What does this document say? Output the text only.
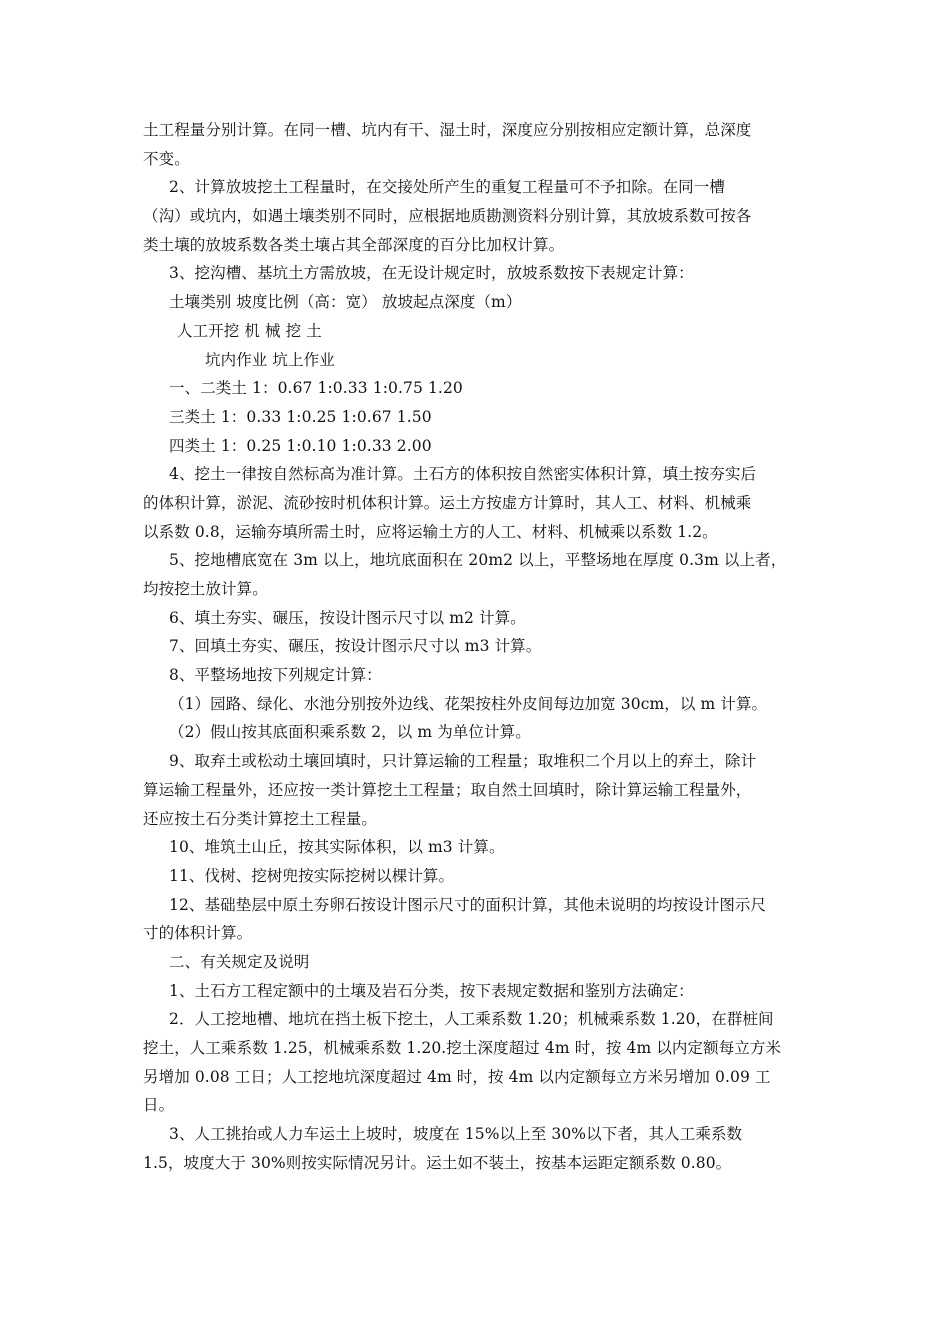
土工程量分别计算。在同一槽、坑内有干、湿土时，深度应分别按相应定额计算，总深度
不变。
2、计算放坡挖土工程量时，在交接处所产生的重复工程量可不予扣除。在同一槽
（沟）或坑内，如遇土壤类别不同时，应根据地质勘测资料分别计算，其放坡系数可按各
类土壤的放坡系数各类土壤占其全部深度的百分比加权计算。
3、挖沟槽、基坑土方需放坡，在无设计规定时，放坡系数按下表规定计算：
土壤类别 坡度比例（高：宽） 放坡起点深度（m）
人工开挖 机 械 挖 土
坑内作业 坑上作业
一、二类土 1：0.67 1:0.33 1:0.75 1.20
三类土 1：0.33 1:0.25 1:0.67 1.50
四类土 1：0.25 1:0.10 1:0.33 2.00
4、挖土一律按自然标高为准计算。土石方的体积按自然密实体积计算，填土按夯实后
的体积计算，淤泥、流砂按时机体积计算。运土方按虚方计算时，其人工、材料、机械乘
以系数 0.8，运输夯填所需土时，应将运输土方的人工、材料、机械乘以系数 1.2。
5、挖地槽底宽在 3m 以上，地坑底面积在 20m2 以上，平整场地在厚度 0.3m 以上者，
均按挖土放计算。
6、填土夯实、碾压，按设计图示尺寸以 m2 计算。
7、回填土夯实、碾压，按设计图示尺寸以 m3 计算。
8、平整场地按下列规定计算：
（1）园路、绿化、水池分别按外边线、花架按柱外皮间每边加宽 30cm，以 m 计算。
（2）假山按其底面积乘系数 2，以 m 为单位计算。
9、取弃土或松动土壤回填时，只计算运输的工程量；取堆积二个月以上的弃土，除计
算运输工程量外，还应按一类计算挖土工程量；取自然土回填时，除计算运输工程量外，
还应按土石分类计算挖土工程量。
10、堆筑土山丘，按其实际体积，以 m3 计算。
11、伐树、挖树兜按实际挖树以棵计算。
12、基础垫层中原土夯卵石按设计图示尺寸的面积计算，其他未说明的均按设计图示尺
寸的体积计算。
二、有关规定及说明
1、土石方工程定额中的土壤及岩石分类，按下表规定数据和鉴别方法确定：
2．人工挖地槽、地坑在挡土板下挖土，人工乘系数 1.20；机械乘系数 1.20，在群桩间
挖土，人工乘系数 1.25，机械乘系数 1.20.挖土深度超过 4m 时，按 4m 以内定额每立方米
另增加 0.08 工日；人工挖地坑深度超过 4m 时，按 4m 以内定额每立方米另增加 0.09 工
日。
3、人工挑抬或人力车运土上坡时，坡度在 15%以上至 30%以下者，其人工乘系数
1.5，坡度大于 30%则按实际情况另计。运土如不装土，按基本运距定额系数 0.80。
